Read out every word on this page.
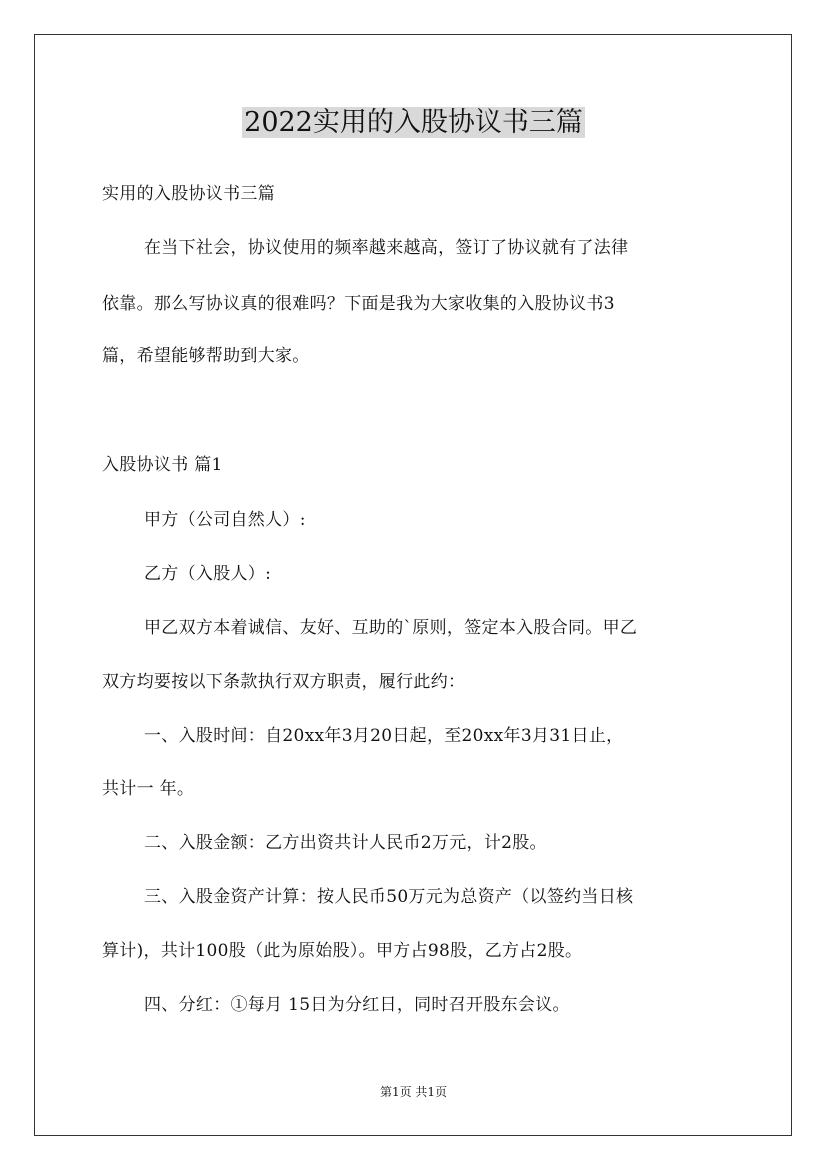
2022实用的入股协议书三篇
实用的入股协议书三篇
在当下社会，协议使用的频率越来越高，签订了协议就有了法律
依靠。那么写协议真的很难吗？下面是我为大家收集的入股协议书3
篇，希望能够帮助到大家。
入股协议书 篇1
甲方（公司自然人）:
乙方（入股人）:
甲乙双方本着诚信、友好、互助的`原则，签定本入股合同。甲乙
双方均要按以下条款执行双方职责，履行此约：
一、入股时间：自20xx年3月20日起，至20xx年3月31日止，
共计一 年。
二、入股金额：乙方出资共计人民币2万元，计2股。
三、入股金资产计算：按人民币50万元为总资产（以签约当日核
算计)，共计100股（此为原始股）。甲方占98股，乙方占2股。
四、分红：①每月 15日为分红日，同时召开股东会议。
第1页 共1页
